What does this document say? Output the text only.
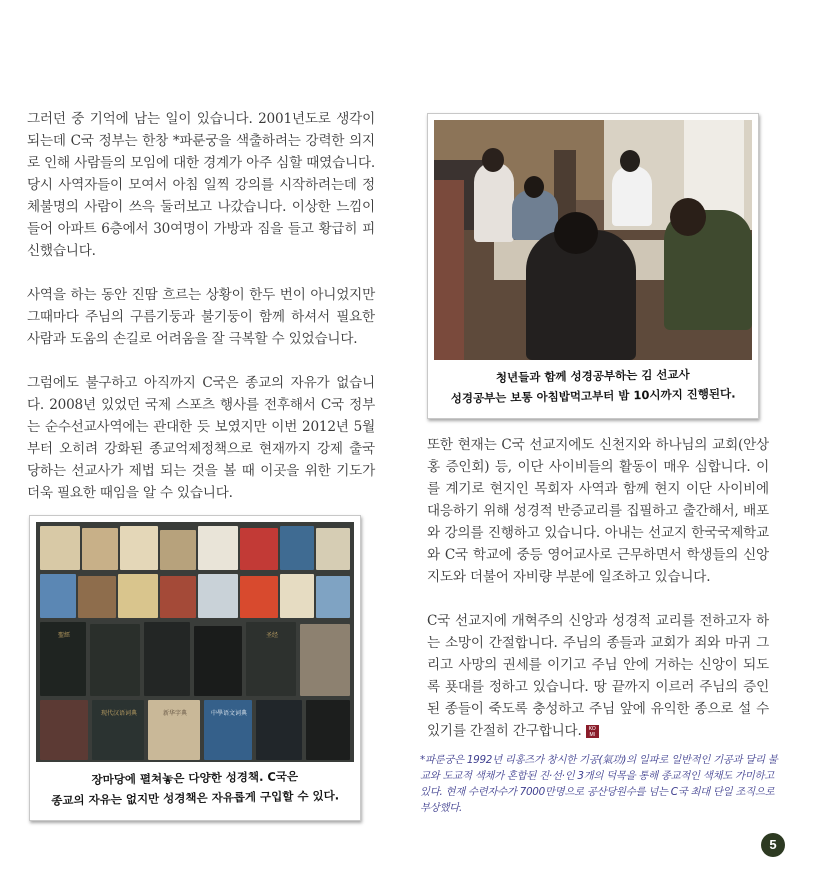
그러던 중 기억에 남는 일이 있습니다. 2001년도로 생각이 되는데 C국 정부는 한창 *파룬궁을 색출하려는 강력한 의지로 인해 사람들의 모임에 대한 경계가 아주 심할 때였습니다. 당시 사역자들이 모여서 아침 일찍 강의를 시작하려는데 정체불명의 사람이 쓰윽 둘러보고 나갔습니다. 이상한 느낌이 들어 아파트 6층에서 30여명이 가방과 짐을 들고 황급히 피신했습니다.

사역을 하는 동안 진땀 흐르는 상황이 한두 번이 아니었지만 그때마다 주님의 구름기둥과 불기둥이 함께 하셔서 필요한 사람과 도움의 손길로 어려움을 잘 극복할 수 있었습니다.

그럼에도 불구하고 아직까지 C국은 종교의 자유가 없습니다. 2008년 있었던 국제 스포츠 행사를 전후해서 C국 정부는 순수선교사역에는 관대한 듯 보였지만 이번 2012년 5월부터 오히려 강화된 종교억제정책으로 현재까지 강제 출국 당하는 선교사가 제법 되는 것을 볼 때 이곳을 위한 기도가 더욱 필요한 때임을 알 수 있습니다.

청년들과 함께 성경공부하는 김 선교사
성경공부는 보통 아침밥먹고부터 밤 10시까지 진행된다.

또한 현재는 C국 선교지에도 신천지와 하나님의 교회(안상홍 증인회) 등, 이단 사이비들의 활동이 매우 심합니다. 이를 계기로 현지인 목회자 사역과 함께 현지 이단 사이비에 대응하기 위해 성경적 반증교리를 집필하고 출간해서, 배포와 강의를 진행하고 있습니다. 아내는 선교지 한국국제학교와 C국 학교에 중등 영어교사로 근무하면서 학생들의 신앙지도와 더불어 자비량 부분에 일조하고 있습니다.

C국 선교지에 개혁주의 신앙과 성경적 교리를 전하고자 하는 소망이 간절합니다. 주님의 종들과 교회가 죄와 마귀 그리고 사망의 권세를 이기고 주님 안에 거하는 신앙이 되도록 푯대를 정하고 있습니다. 땅 끝까지 이르러 주님의 증인된 종들이 죽도록 충성하고 주님 앞에 유익한 종으로 설 수 있기를 간절히 간구합니다. KO MI

聖經	圣经
中學语文词典
新华字典
现代汉语词典
장마당에 펼쳐놓은 다양한 성경책. C국은
종교의 자유는 없지만 성경책은 자유롭게 구입할 수 있다.
*파룬궁은 1992년 리홍즈가 창시한 기공(氣功)의 일파로 일반적인 기공과 달리 불교와 도교적 색채가 혼합된 진·선·인 3개의 덕목을 통해 종교적인 색채도 가미하고 있다. 현재 수련자수가 7000만명으로 공산당원수를 넘는 C국 최대 단일 조직으로 부상했다.
5
